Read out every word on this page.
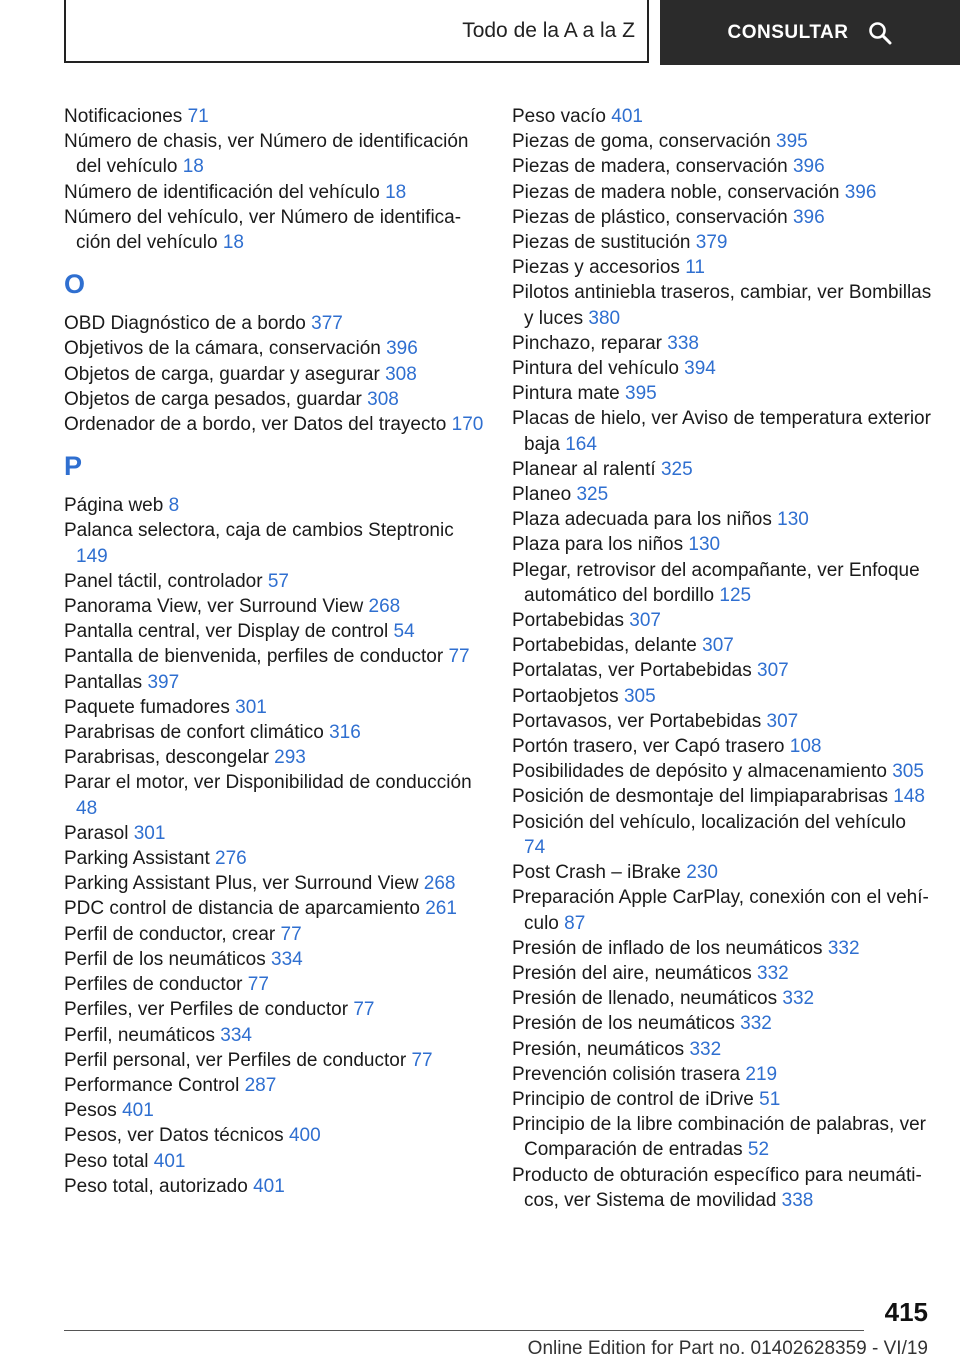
Todo de la A a la Z	CONSULTAR

Notificaciones 71

Número de chasis, ver Número de identificación del vehículo 18

Número de identificación del vehículo 18

Número del vehículo, ver Número de identificación del vehículo 18

O

OBD Diagnóstico de a bordo 377

Objetivos de la cámara, conservación 396

Objetos de carga, guardar y asegurar 308

Objetos de carga pesados, guardar 308

Ordenador de a bordo, ver Datos del trayecto 170

P

Página web 8

Palanca selectora, caja de cambios Steptronic 149

Panel táctil, controlador 57

Panorama View, ver Surround View 268

Pantalla central, ver Display de control 54

Pantalla de bienvenida, perfiles de conductor 77

Pantallas 397

Paquete fumadores 301

Parabrisas de confort climático 316

Parabrisas, descongelar 293

Parar el motor, ver Disponibilidad de conducción 48

Parasol 301

Parking Assistant 276

Parking Assistant Plus, ver Surround View 268

PDC control de distancia de aparcamiento 261

Perfil de conductor, crear 77

Perfil de los neumáticos 334

Perfiles de conductor 77

Perfiles, ver Perfiles de conductor 77

Perfil, neumáticos 334

Perfil personal, ver Perfiles de conductor 77

Performance Control 287

Pesos 401

Pesos, ver Datos técnicos 400

Peso total 401

Peso total, autorizado 401

Peso vacío 401

Piezas de goma, conservación 395

Piezas de madera, conservación 396

Piezas de madera noble, conservación 396

Piezas de plástico, conservación 396

Piezas de sustitución 379

Piezas y accesorios 11

Pilotos antiniebla traseros, cambiar, ver Bombillas y luces 380

Pinchazo, reparar 338

Pintura del vehículo 394

Pintura mate 395

Placas de hielo, ver Aviso de temperatura exterior baja 164

Planear al ralentí 325

Planeo 325

Plaza adecuada para los niños 130

Plaza para los niños 130

Plegar, retrovisor del acompañante, ver Enfoque automático del bordillo 125

Portabebidas 307

Portabebidas, delante 307

Portalatas, ver Portabebidas 307

Portaobjetos 305

Portavasos, ver Portabebidas 307

Portón trasero, ver Capó trasero 108

Posibilidades de depósito y almacenamiento 305

Posición de desmontaje del limpiaparabrisas 148

Posición del vehículo, localización del vehículo 74

Post Crash – iBrake 230

Preparación Apple CarPlay, conexión con el vehículo 87

Presión de inflado de los neumáticos 332

Presión del aire, neumáticos 332

Presión de llenado, neumáticos 332

Presión de los neumáticos 332

Presión, neumáticos 332

Prevención colisión trasera 219

Principio de control de iDrive 51

Principio de la libre combinación de palabras, ver Comparación de entradas 52

Producto de obturación específico para neumáticos, ver Sistema de movilidad 338

415
Online Edition for Part no. 01402628359 - VI/19
